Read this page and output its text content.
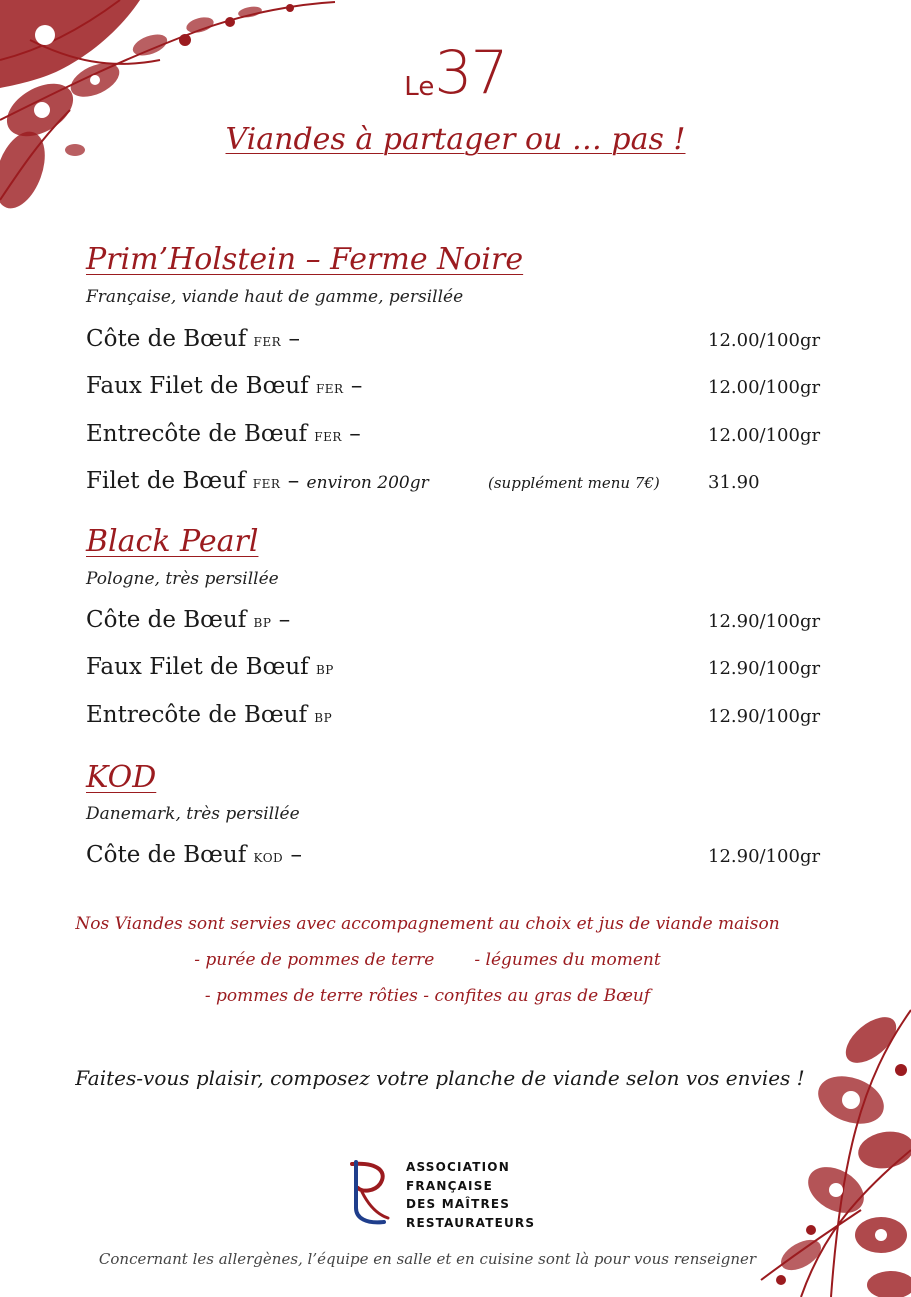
Le37
Viandes à partager ou … pas !
Prim’Holstein – Ferme Noire
Française, viande haut de gamme, persillée
Côte de Bœuf FER –	12.00/100gr
Faux Filet de Bœuf FER –	12.00/100gr
Entrecôte de Bœuf FER –	12.00/100gr
Filet de Bœuf FER – environ 200gr	(supplément menu 7€)	31.90
Black Pearl
Pologne, très persillée
Côte de Bœuf BP –	12.90/100gr
Faux Filet de Bœuf BP	12.90/100gr
Entrecôte de Bœuf BP	12.90/100gr
KOD
Danemark, très persillée
Côte de Bœuf KOD –	12.90/100gr
Nos Viandes sont servies avec accompagnement au choix et jus de viande maison
- purée de pommes de terre - légumes du moment
- pommes de terre rôties - confites au gras de Bœuf
Faites-vous plaisir, composez votre planche de viande selon vos envies !
ASSOCIATION
FRANÇAISE
DES MAÎTRES
RESTAURATEURS
Concernant les allergènes, l’équipe en salle et en cuisine sont là pour vous renseigner
